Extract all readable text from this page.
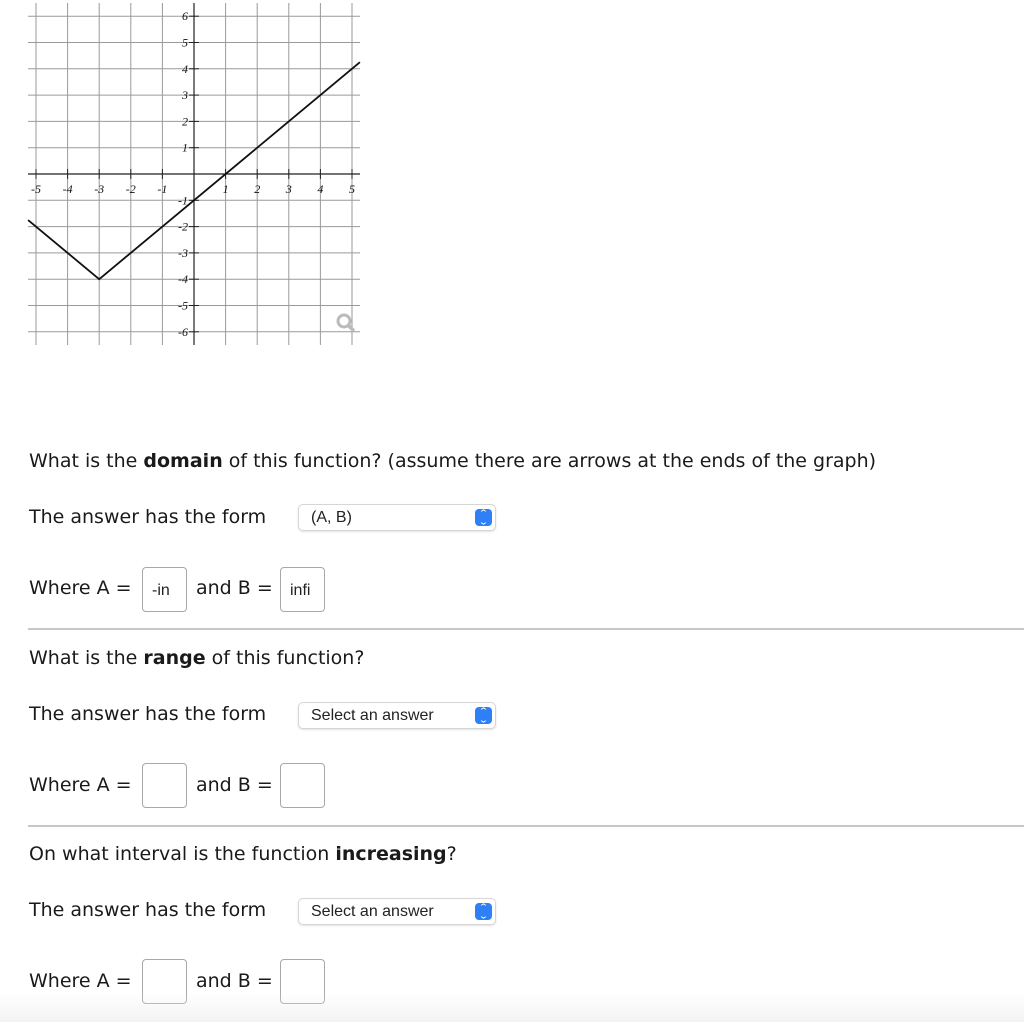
-5 -4 -3 -2 -1	1 2 3 4 5
6
5
4
3
2
1
-1
-2
-3
-4
-5
-6
What is the domain of this function? (assume there are arrows at the ends of the graph)
The answer has the form	(A, B)	⌃
⌃
Where A =	-in	and B =	infi
What is the range of this function?
The answer has the form	Select an answer	⌃
⌃
Where A =	and B =
On what interval is the function increasing?
The answer has the form	Select an answer	⌃
⌃
Where A =	and B =
